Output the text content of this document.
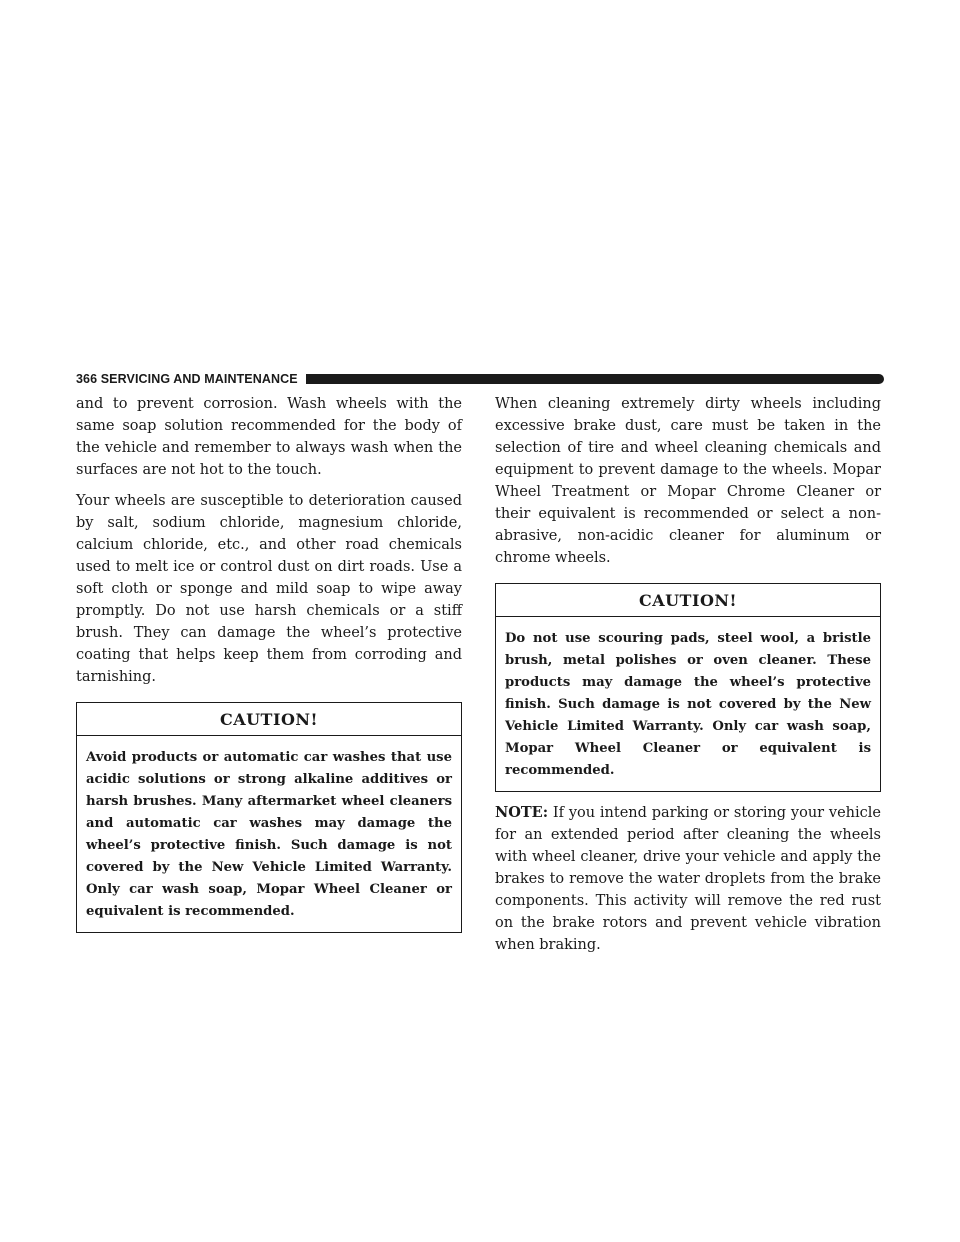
366 SERVICING AND MAINTENANCE

and to prevent corrosion. Wash wheels with the same soap solution recommended for the body of the vehicle and remember to always wash when the surfaces are not hot to the touch.

Your wheels are susceptible to deterioration caused by salt, sodium chloride, magnesium chloride, calcium chloride, etc., and other road chemicals used to melt ice or control dust on dirt roads. Use a soft cloth or sponge and mild soap to wipe away promptly. Do not use harsh chemicals or a stiff brush. They can damage the wheel’s protective coating that helps keep them from corroding and tarnishing.

CAUTION!

Avoid products or automatic car washes that use acidic solutions or strong alkaline additives or harsh brushes. Many aftermarket wheel cleaners and automatic car washes may damage the wheel’s protective finish. Such damage is not covered by the New Vehicle Limited Warranty. Only car wash soap, Mopar Wheel Cleaner or equivalent is recommended.

When cleaning extremely dirty wheels including excessive brake dust, care must be taken in the selection of tire and wheel cleaning chemicals and equipment to prevent damage to the wheels. Mopar Wheel Treatment or Mopar Chrome Cleaner or their equivalent is recommended or select a non-abrasive, non-acidic cleaner for aluminum or chrome wheels.

CAUTION!

Do not use scouring pads, steel wool, a bristle brush, metal polishes or oven cleaner. These products may damage the wheel’s protective finish. Such damage is not covered by the New Vehicle Limited Warranty. Only car wash soap, Mopar Wheel Cleaner or equivalent is recommended.

NOTE: If you intend parking or storing your vehicle for an extended period after cleaning the wheels with wheel cleaner, drive your vehicle and apply the brakes to remove the water droplets from the brake components. This activity will remove the red rust on the brake rotors and prevent vehicle vibration when braking.
